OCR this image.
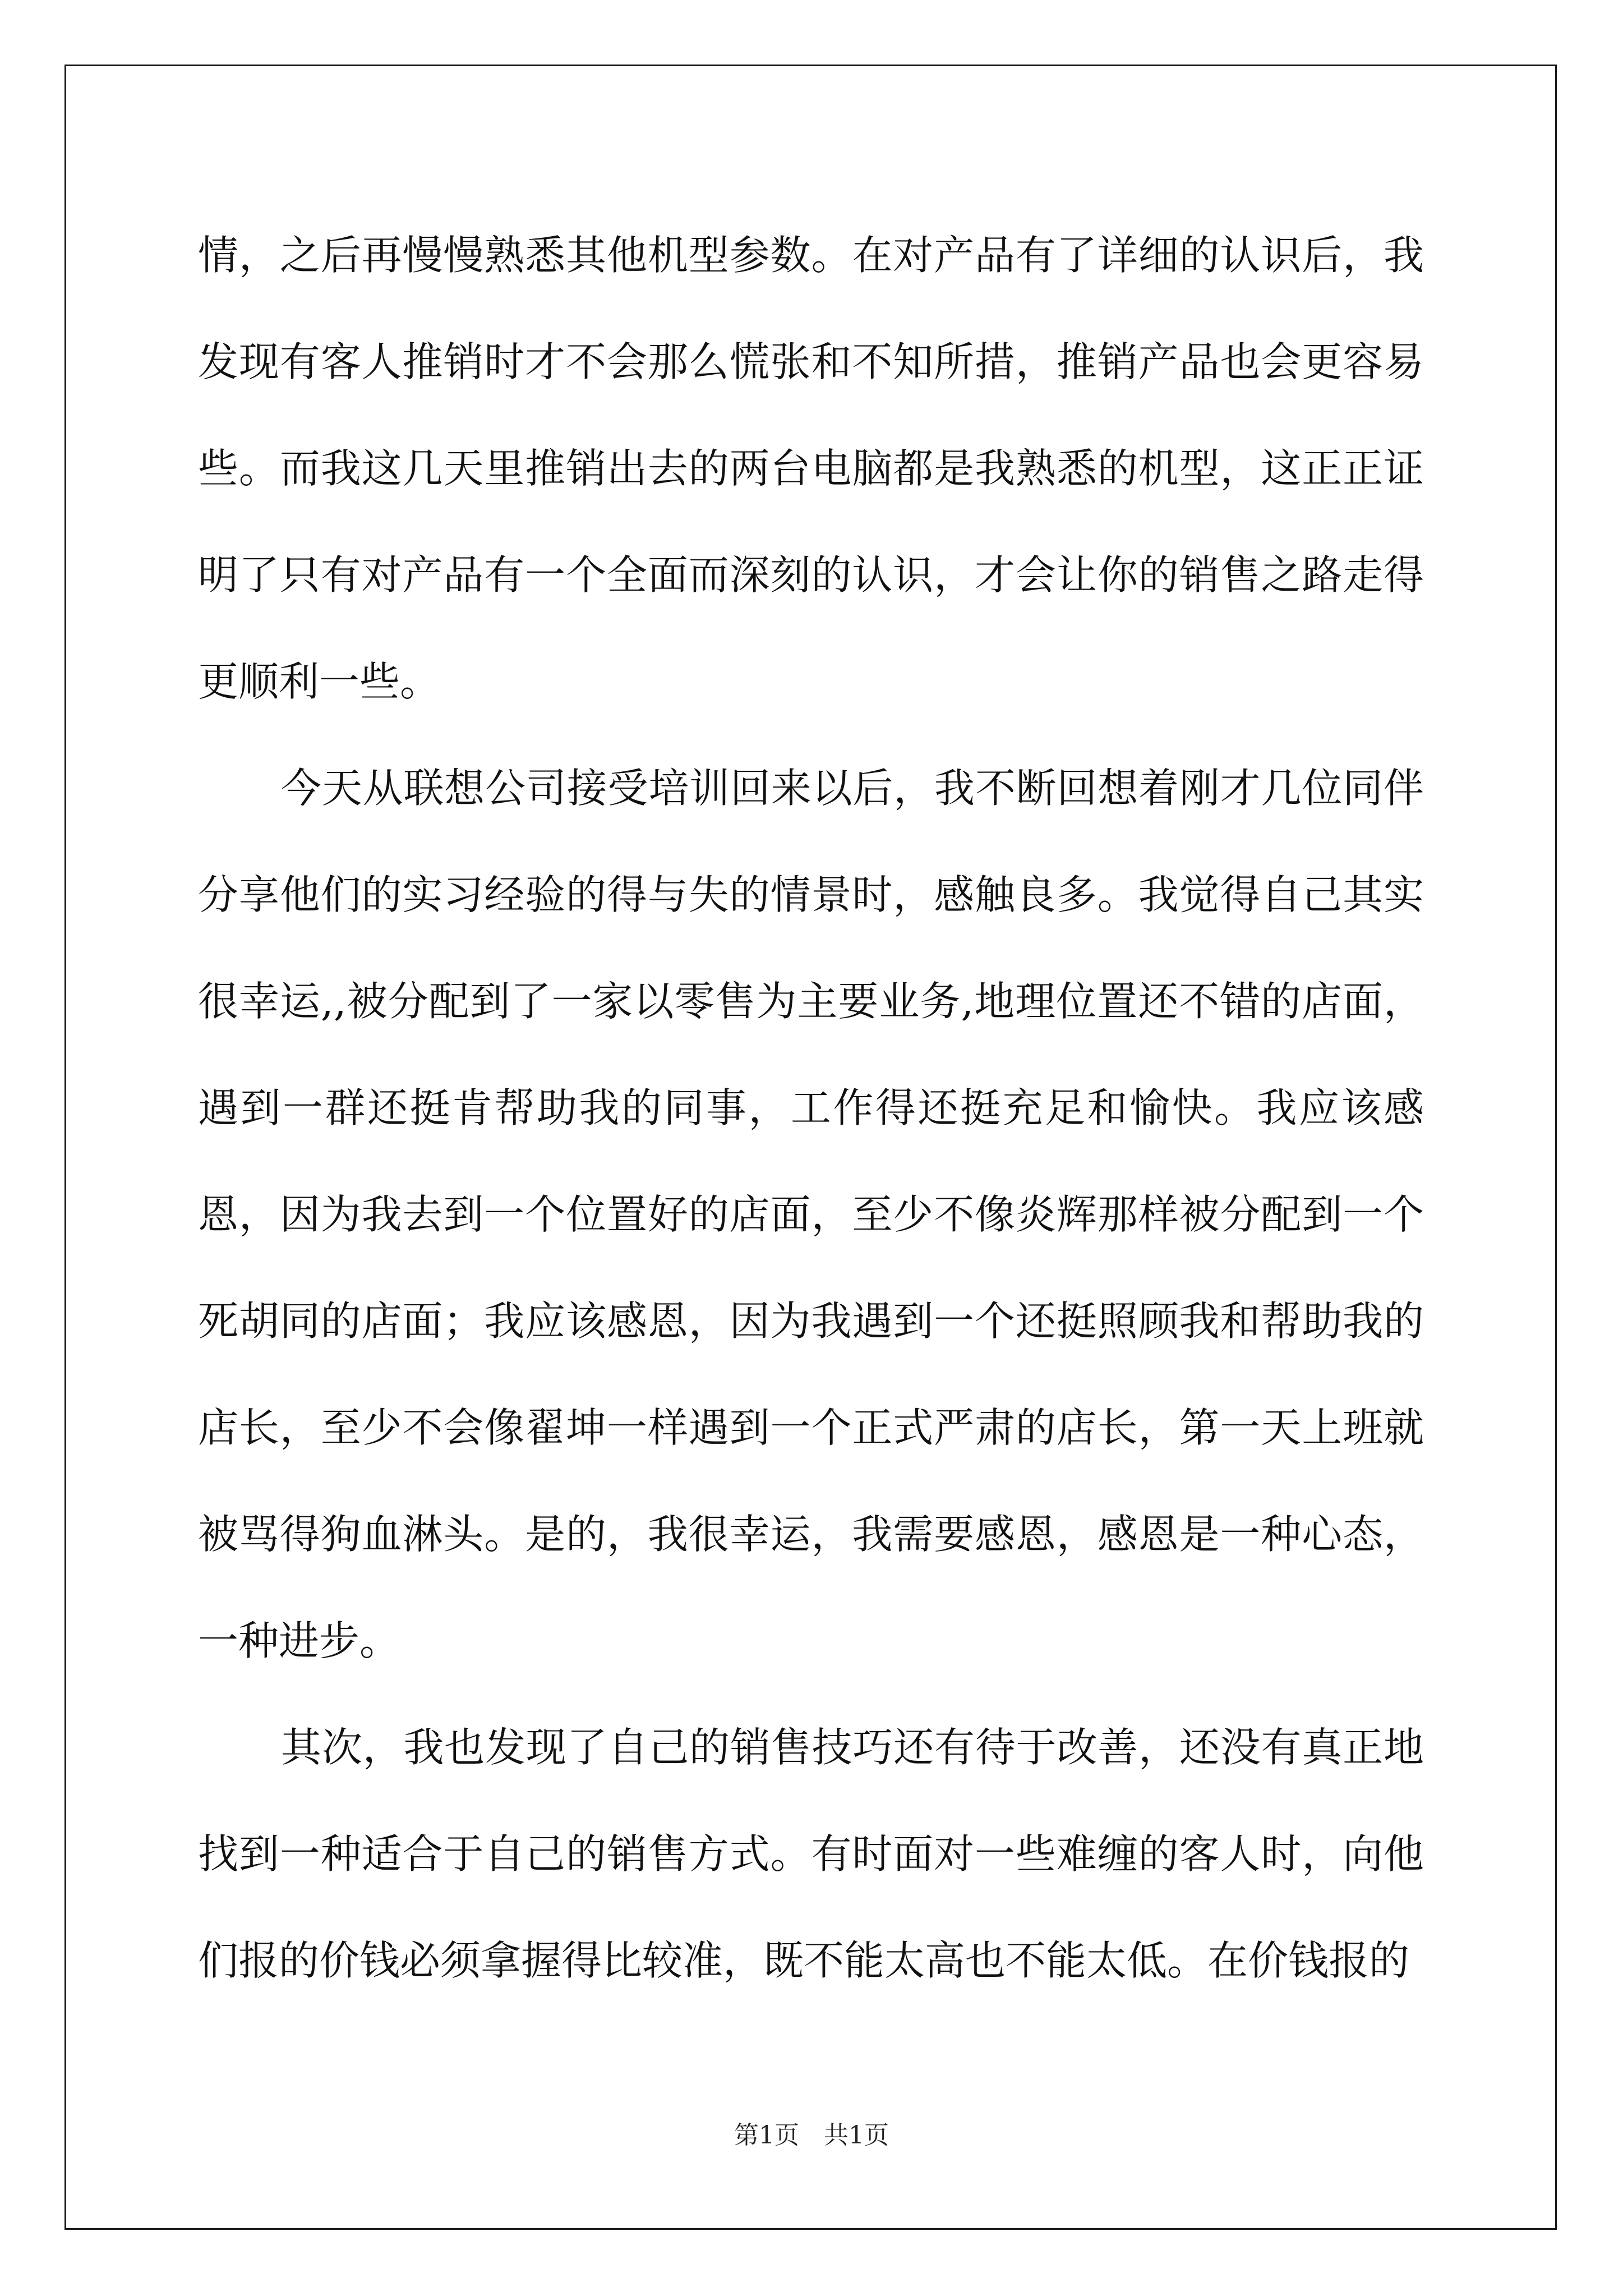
情，之后再慢慢熟悉其他机型参数。在对产品有了详细的认识后，我发现有客人推销时才不会那么慌张和不知所措，推销产品也会更容易些。而我这几天里推销出去的两台电脑都是我熟悉的机型，这正正证明了只有对产品有一个全面而深刻的认识，才会让你的销售之路走得更顺利一些。

今天从联想公司接受培训回来以后，我不断回想着刚才几位同伴分享他们的实习经验的得与失的情景时，感触良多。我觉得自己其实很幸运,,被分配到了一家以零售为主要业务,地理位置还不错的店面，遇到一群还挺肯帮助我的同事，工作得还挺充足和愉快。我应该感恩，因为我去到一个位置好的店面，至少不像炎辉那样被分配到一个死胡同的店面；我应该感恩，因为我遇到一个还挺照顾我和帮助我的店长，至少不会像翟坤一样遇到一个正式严肃的店长，第一天上班就被骂得狗血淋头。是的，我很幸运，我需要感恩，感恩是一种心态，一种进步。

其次，我也发现了自己的销售技巧还有待于改善，还没有真正地找到一种适合于自己的销售方式。有时面对一些难缠的客人时，向他们报的价钱必须拿握得比较准，既不能太高也不能太低。在价钱报的

第1页　共1页
